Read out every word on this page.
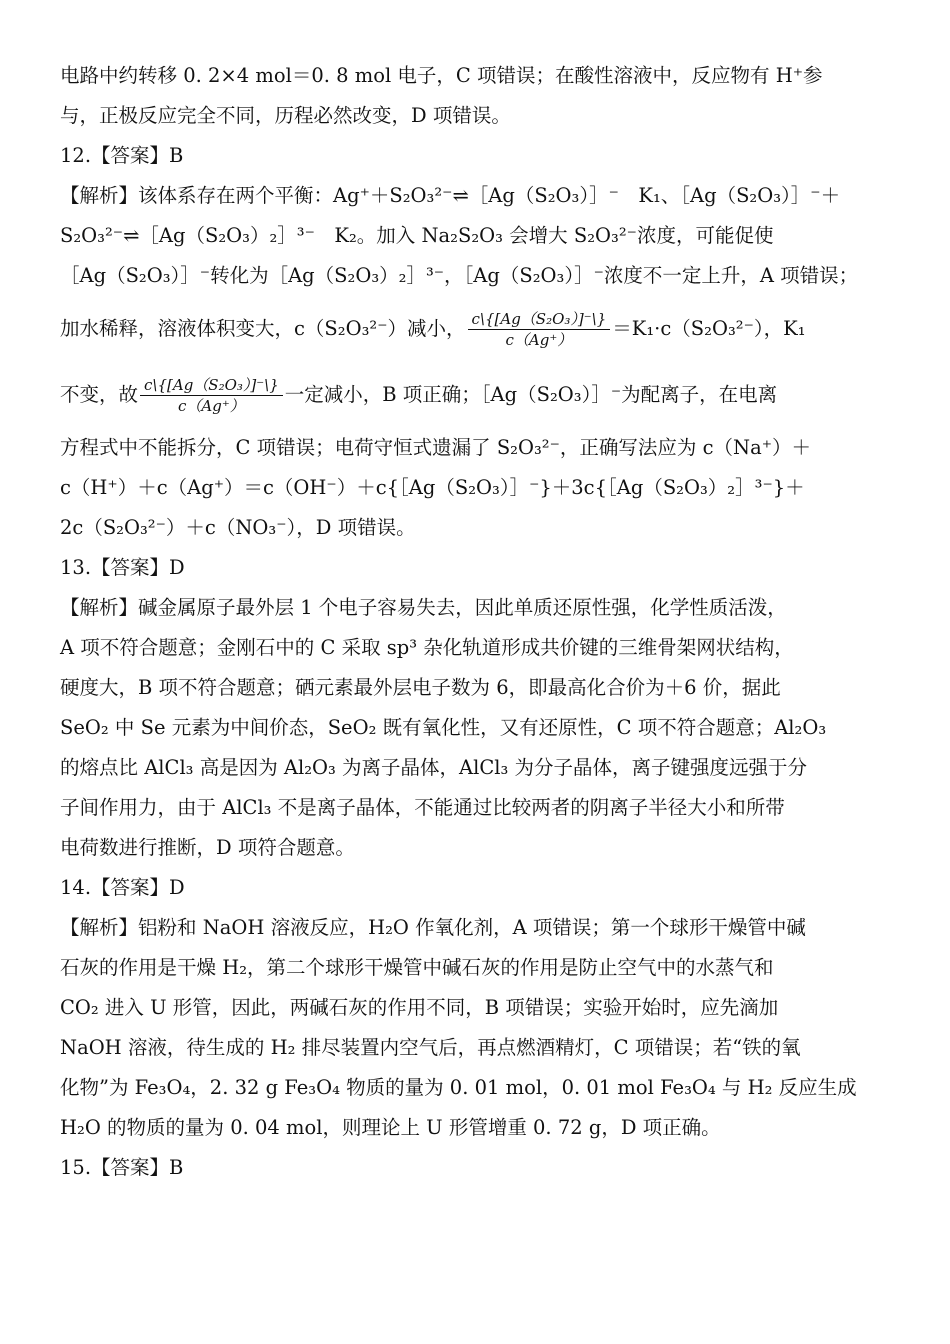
电路中约转移 0. 2×4 mol＝0. 8 mol 电子，C 项错误；在酸性溶液中，反应物有 H⁺参
与，正极反应完全不同，历程必然改变，D 项错误。
12.【答案】B
【解析】该体系存在两个平衡：Ag⁺＋S₂O₃²⁻⇌［Ag（S₂O₃）］⁻　K₁、［Ag（S₂O₃）］⁻＋
S₂O₃²⁻⇌［Ag（S₂O₃）₂］³⁻　K₂。加入 Na₂S₂O₃ 会增大 S₂O₃²⁻浓度，可能促使
［Ag（S₂O₃）］⁻转化为［Ag（S₂O₃）₂］³⁻，［Ag（S₂O₃）］⁻浓度不一定上升，A 项错误；
加水稀释，溶液体积变大，c（S₂O₃²⁻）减小， $\frac{\text{c\textbackslash{}\{[Ag（S₂O₃）]⁻\textbackslash{}\}}}{c(Ag^+)} =K_1\cdot c(S_2O_3^{2-})$，K₁
不变，故 $\frac{\text{c\textbackslash{}\{[Ag（S₂O₃）]⁻\textbackslash{}\}}}{c(Ag^+)}$ 一定减小，B 项正确；［Ag（S₂O₃）］⁻为配离子，在电离
方程式中不能拆分，C 项错误；电荷守恒式遗漏了 S₂O₃²⁻，正确写法应为 c（Na⁺）＋
c（H⁺）＋c（Ag⁺）＝c（OH⁻）＋c{［Ag（S₂O₃）］⁻}＋3c{［Ag（S₂O₃）₂］³⁻}＋
2c（S₂O₃²⁻）＋c（NO₃⁻），D 项错误。
13.【答案】D
【解析】碱金属原子最外层 1 个电子容易失去，因此单质还原性强，化学性质活泼，
A 项不符合题意；金刚石中的 C 采取 sp³ 杂化轨道形成共价键的三维骨架网状结构，
硬度大，B 项不符合题意；硒元素最外层电子数为 6，即最高化合价为＋6 价，据此
SeO₂ 中 Se 元素为中间价态，SeO₂ 既有氧化性，又有还原性，C 项不符合题意；Al₂O₃
的熔点比 AlCl₃ 高是因为 Al₂O₃ 为离子晶体，AlCl₃ 为分子晶体，离子键强度远强于分
子间作用力，由于 AlCl₃ 不是离子晶体，不能通过比较两者的阴离子半径大小和所带
电荷数进行推断，D 项符合题意。
14.【答案】D
【解析】铝粉和 NaOH 溶液反应，H₂O 作氧化剂，A 项错误；第一个球形干燥管中碱
石灰的作用是干燥 H₂，第二个球形干燥管中碱石灰的作用是防止空气中的水蒸气和
CO₂ 进入 U 形管，因此，两碱石灰的作用不同，B 项错误；实验开始时，应先滴加
NaOH 溶液，待生成的 H₂ 排尽装置内空气后，再点燃酒精灯，C 项错误；若“铁的氧
化物”为 Fe₃O₄，2. 32 g Fe₃O₄ 物质的量为 0. 01 mol，0. 01 mol Fe₃O₄ 与 H₂ 反应生成
H₂O 的物质的量为 0. 04 mol，则理论上 U 形管增重 0. 72 g，D 项正确。
15.【答案】B
